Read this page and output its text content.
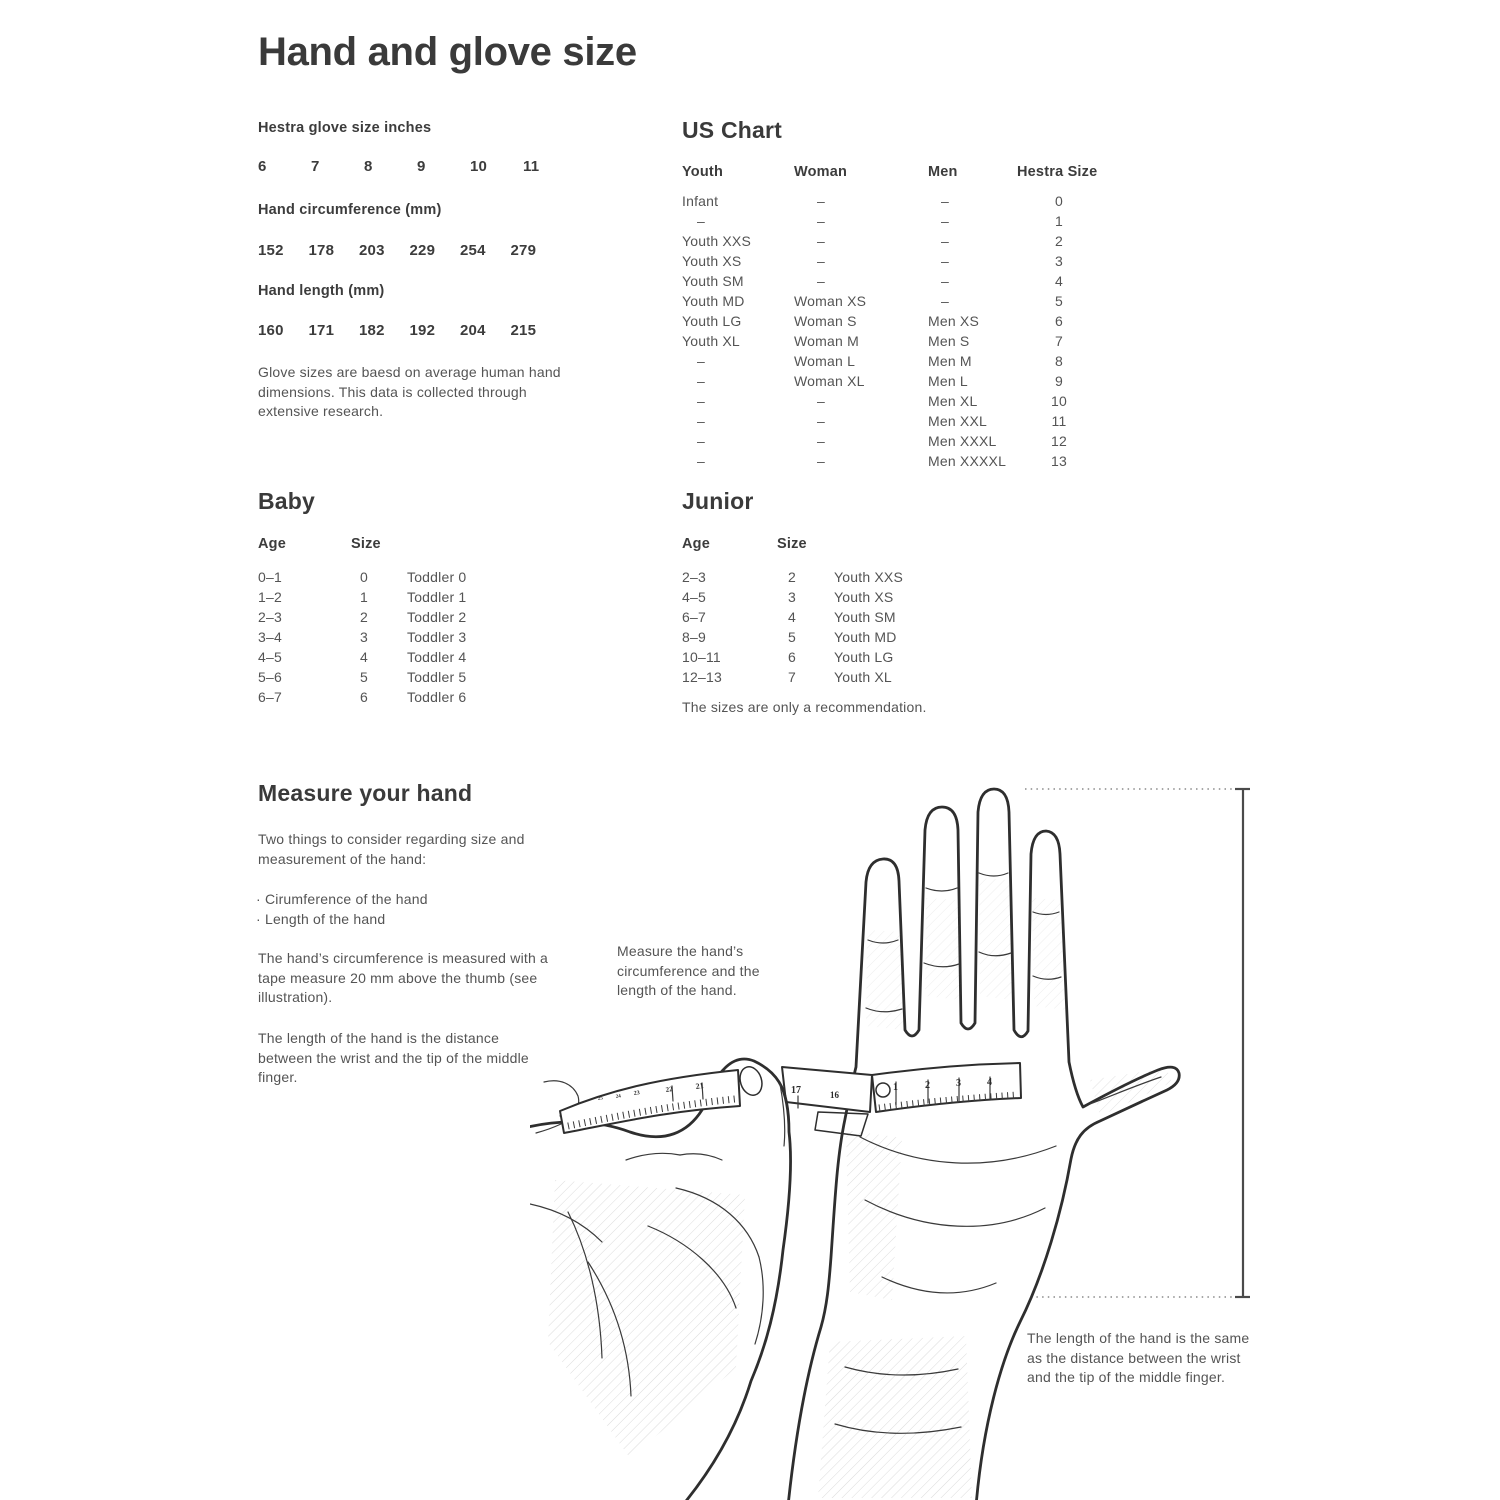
Hand and glove size
Hestra glove size inches
6	7	8	9	10 11
Hand circumference (mm)
152 178 203 229 254 279
Hand length (mm)
160 171 182 192 204 215
Glove sizes are baesd on average human hand dimensions. This data is collected through extensive research.
US Chart
Youth	Woman	Men	Hestra Size
Infant	–	–	0
–	–	–	1
Youth XXS	–	–	2
Youth XS	–	–	3
Youth SM	–	–	4
Youth MD	Woman XS	–	5
Youth LG	Woman S	Men XS	6
Youth XL	Woman M	Men S	7
–	Woman L	Men M	8
–	Woman XL	Men L	9
–	–	Men XL	10
–	–	Men XXL	11
–	–	Men XXXL	12
–	–	Men XXXXL	13
Baby
Age	Size	
0–1	0	Toddler 0
1–2	1	Toddler 1
2–3	2	Toddler 2
3–4	3	Toddler 3
4–5	4	Toddler 4
5–6	5	Toddler 5
6–7	6	Toddler 6
Junior
Age	Size	
2–3	2	Youth XXS
4–5	3	Youth XS
6–7	4	Youth SM
8–9	5	Youth MD
10–11	6	Youth LG
12–13	7	Youth XL
The sizes are only a recommendation.
Measure your hand
Two things to consider regarding size and measurement of the hand:
· Cirumference of the hand
· Length of the hand
The hand’s circumference is measured with a tape measure 20 mm above the thumb (see illustration).
The length of the hand is the distance between the wrist and the tip of the middle finger.
1	2	3	4
17	16
25 24
23	22	21
Measure the hand’s circumference and the length of the hand.
The length of the hand is the same as the distance between the wrist and the tip of the middle finger.
